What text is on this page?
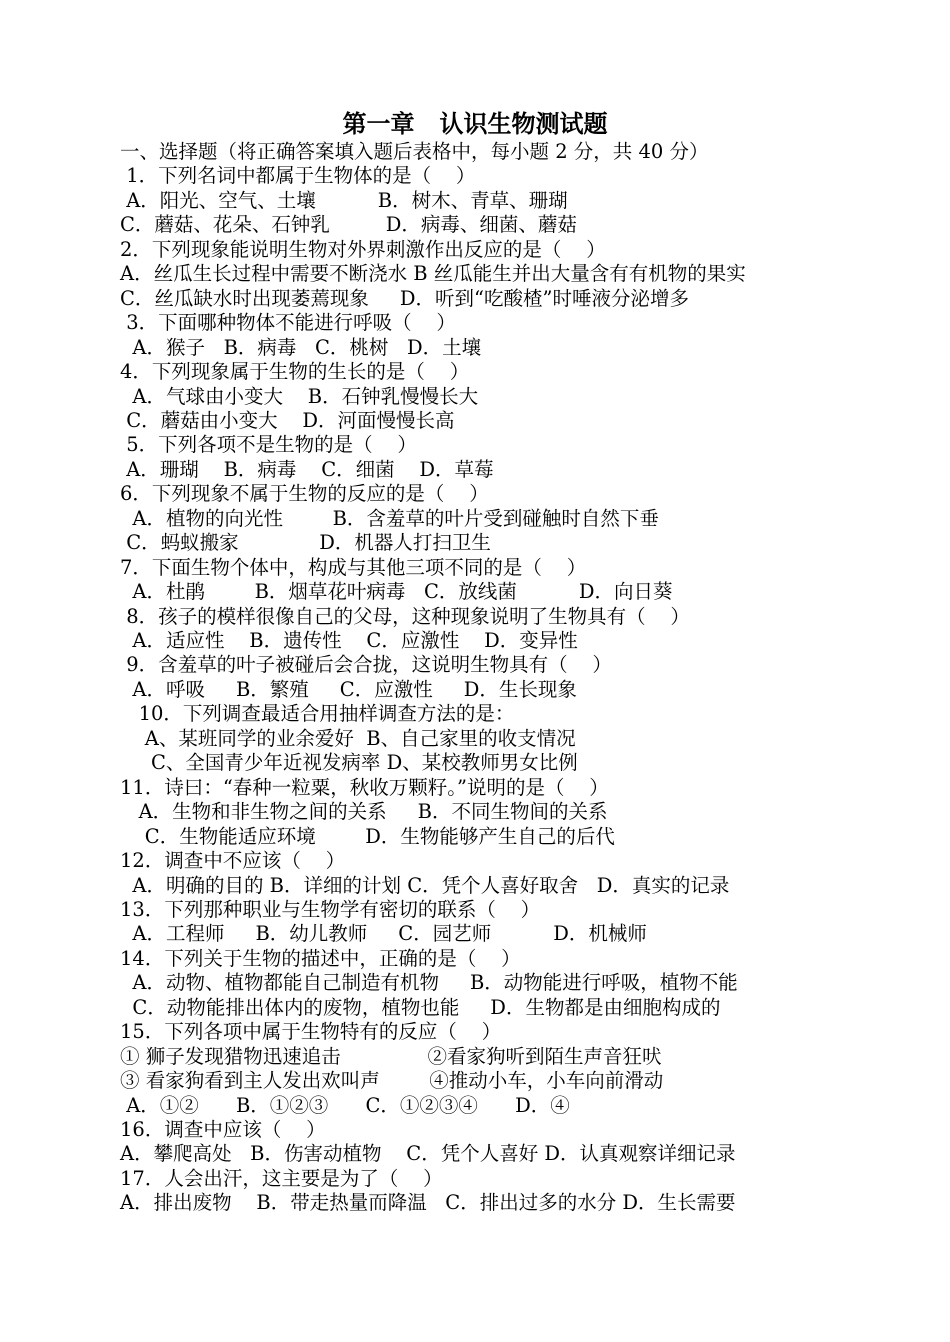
第一章   认识生物测试题
一、选择题（将正确答案填入题后表格中，每小题 2 分，共 40 分）
1．下列名词中都属于生物体的是（    ）
A．阳光、空气、土壤          B．树木、青草、珊瑚
C．蘑菇、花朵、石钟乳         D．病毒、细菌、蘑菇
2．下列现象能说明生物对外界刺激作出反应的是（    ）
A．丝瓜生长过程中需要不断浇水 B 丝瓜能生并出大量含有有机物的果实
C．丝瓜缺水时出现萎蔫现象     D．听到“吃酸楂”时唾液分泌增多
3．下面哪种物体不能进行呼吸（    ）
A．猴子   B．病毒   C．桃树   D．土壤
4．下列现象属于生物的生长的是（    ）
A．气球由小变大    B．石钟乳慢慢长大
C．蘑菇由小变大    D．河面慢慢长高
5．下列各项不是生物的是（    ）
A．珊瑚    B．病毒    C．细菌    D．草莓
6．下列现象不属于生物的反应的是（    ）
A．植物的向光性        B．含羞草的叶片受到碰触时自然下垂
C．蚂蚁搬家             D．机器人打扫卫生
7．下面生物个体中，构成与其他三项不同的是（    ）
A．杜鹃        B．烟草花叶病毒   C．放线菌          D．向日葵
8．孩子的模样很像自己的父母，这种现象说明了生物具有（    ）
A．适应性    B．遗传性    C．应激性    D．变异性
9．含羞草的叶子被碰后会合拢，这说明生物具有（    ）
A．呼吸     B．繁殖     C．应激性     D．生长现象
10．下列调查最适合用抽样调查方法的是：
A、某班同学的业余爱好  B、自己家里的收支情况
C、全国青少年近视发病率 D、某校教师男女比例
11．诗曰：“春种一粒粟，秋收万颗籽。”说明的是（    ）
A．生物和非生物之间的关系     B．不同生物间的关系
C．生物能适应环境        D．生物能够产生自己的后代
12．调查中不应该（    ）
A．明确的目的 B．详细的计划 C．凭个人喜好取舍   D．真实的记录
13．下列那种职业与生物学有密切的联系（    ）
A．工程师     B．幼儿教师     C．园艺师          D．机械师
14．下列关于生物的描述中，正确的是（    ）
A．动物、植物都能自己制造有机物     B．动物能进行呼吸，植物不能
C．动物能排出体内的废物，植物也能     D．生物都是由细胞构成的
15．下列各项中属于生物特有的反应（    ）
① 狮子发现猎物迅速追击              ②看家狗听到陌生声音狂吠
③ 看家狗看到主人发出欢叫声        ④推动小车，小车向前滑动
A．①②      B．①②③      C．①②③④      D．④
16．调查中应该（    ）
A．攀爬高处   B．伤害动植物    C．凭个人喜好 D．认真观察详细记录
17．人会出汗，这主要是为了（    ）
A．排出废物    B．带走热量而降温   C．排出过多的水分 D．生长需要
